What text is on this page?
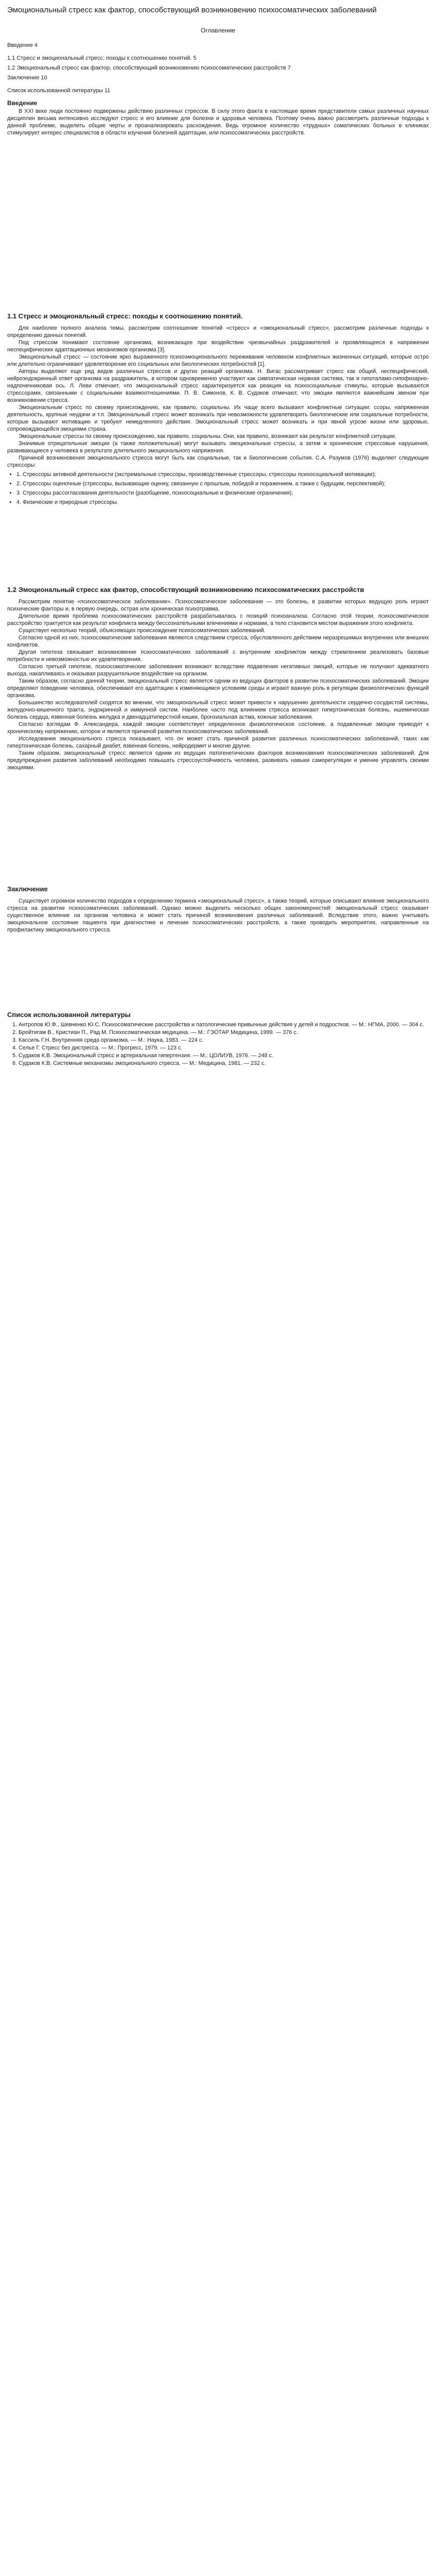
Эмоциональный стресс как фактор, способствующий возникновению психосоматических заболеваний
Оглавление
Введение 4
1.1 Стресс и эмоциональный стресс: походы к соотношению понятий. 5
1.2 Эмоциональный стресс как фактор, способствующий возникновению психосоматических расстройств 7
Заключение 10
Список использованной литературы 11
Введение

В XXI веке люди постоянно подвержены действию различных стрессов. В силу этого факта в настоящее время представители самых различных научных дисциплин весьма интенсивно исследуют стресс и его влияние для болезни и здоровья человека. Поэтому очень важно рассмотреть различные подходы к данной проблеме, выделить общие черты и проанализировать расхождения. Ведь огромное количество «трудных» соматических больных в клиниках стимулирует интерес специалистов в области изучения болезней адаптации, или психосоматических расстройств.

1.1 Стресс и эмоциональный стресс: походы к соотношению понятий.

Для наиболее полного анализа темы, рассмотрим соотношение понятий «стресс» и «эмоциональный стресс», рассмотрим различные подходы к определению данных понятий.

Под стрессом понимают состояние организма, возникающее при воздействии чрезвычайных раздражителей и проявляющееся в напряжении неспецифических адаптационных механизмов организма [3].

Эмоциональный стресс — состояние ярко выраженного психоэмоционального переживания человеком конфликтных жизненных ситуаций, которые остро или длительно ограничивают удовлетворение его социальных или биологических потребностей [1].

Авторы выделяют еще ряд видов различных стрессов и других реакций организма. Н. Вигас рассматривает стресс как общий, неспецифический, нейроэндокринный ответ организма на раздражитель, в котором одновременно участвуют как симпатическая нервная система, так и гипоталамо-гипофизарно-надпочечниковая ось. Л. Леви отмечает, что эмоциональный стресс характеризуется как реакция на психосоциальные стимулы, которые вызываются стрессорами, связанными с социальными взаимоотношениями. П. В. Симонов, К. В. Судаков отмечают, что эмоции являются важнейшим звеном при возникновении стресса.

Эмоциональным стресс по своему происхождению, как правило, социальны. Их чаще всего вызывают конфликтные ситуации: ссоры, напряженная деятельность, крупные неудачи и т.п. Эмоциональный стресс может возникать при невозможности удовлетворить биологические или социальные потребности, которые вызывают мотивацию и требуют немедленного действия. Эмоциональный стресс может возникать и при явной угрозе жизни или здоровью, сопровождающейся эмоциями страха.

Эмоциональные стрессы по своему происхождению, как правило, социальны. Они, как правило, возникают как результат конфликтной ситуации.

Значимые отрицательные эмоции (а также положительные) могут вызывать эмоциональные стрессы, а затем и хронические стрессовые нарушения, развивающиеся у человека в результате длительного эмоционального напряжения.

Причиной возникновения эмоционального стресса могут быть как социальные, так и биологические события. С.А. Разумов (1976) выделяет следующие стрессоры:

• 1. Стрессоры активной деятельности (экстремальные стрессоры, производственные стрессоры, стрессоры психосоциальной мотивации);
• 2. Стрессоры оценочные (стрессоры, вызывающие оценку, связанную с прошлым, победой и поражением, а также с будущим, перспективой);
• 3. Стрессоры рассогласования деятельности (разобщение, психосоциальные и физические ограничения);
• 4. Физические и природные стрессоры.
1.2 Эмоциональный стресс как фактор, способствующий возникновению психосоматических расстройств

Рассмотрим понятие «психосоматическое заболевание». Психосоматическое заболевание — это болезнь, в развитии которых ведущую роль играют психические факторы и, в первую очередь, острая или хроническая психотравма.

Длительное время проблема психосоматических расстройств разрабатывалась с позиций психоанализа. Согласно этой теории, психосоматическое расстройство трактуется как результат конфликта между бессознательными влечениями и нормами, а тело становится местом выражения этого конфликта.

Существует несколько теорий, объясняющих происхождение психосоматических заболеваний.

Согласно одной из них, психосоматические заболевания являются следствием стресса, обусловленного действием неразрешимых внутренних или внешних конфликтов.

Другая гипотеза связывает возникновение психосоматических заболеваний с внутренним конфликтом между стремлением реализовать базовые потребности и невозможностью их удовлетворения.

Согласно третьей гипотезе, психосоматические заболевания возникают вследствие подавления негативных эмоций, которые не получают адекватного выхода, накапливаясь и оказывая разрушительное воздействие на организм.

Таким образом, согласно данной теории, эмоциональный стресс является одним из ведущих факторов в развитии психосоматических заболеваний. Эмоции определяют поведение человека, обеспечивают его адаптацию к изменяющимся условиям среды и играют важную роль в регуляции физиологических функций организма.

Большинство исследователей сходятся во мнении, что эмоциональный стресс может привести к нарушению деятельности сердечно-сосудистой системы, желудочно-кишечного тракта, эндокринной и иммунной систем. Наиболее часто под влиянием стресса возникают гипертоническая болезнь, ишемическая болезнь сердца, язвенная болезнь желудка и двенадцатиперстной кишки, бронхиальная астма, кожные заболевания.

Согласно взглядам Ф. Александера, каждой эмоции соответствует определенное физиологическое состояние, а подавленные эмоции приводят к хроническому напряжению, которое и является причиной развития психосоматических заболеваний.

Исследования эмоционального стресса показывают, что он может стать причиной развития различных психосоматических заболеваний, таких как гипертоническая болезнь, сахарный диабет, язвенная болезнь, нейродермит и многие другие.

Таким образом, эмоциональный стресс является одним из ведущих патогенетических факторов возникновения психосоматических заболеваний. Для предупреждения развития заболеваний необходимо повышать стрессоустойчивость человека, развивать навыки саморегуляции и умение управлять своими эмоциями.

Заключение

Существует огромное количество подходов к определению термина «эмоциональный стресс», а также теорий, которые описывают влияние эмоционального стресса на развитие психосоматических заболеваний. Однако можно выделить несколько общих закономерностей: эмоциональный стресс оказывает существенное влияние на организм человека и может стать причиной возникновения различных заболеваний. Вследствие этого, важно учитывать эмоциональное состояние пациента при диагностике и лечении психосоматических расстройств, а также проводить мероприятия, направленные на профилактику эмоционального стресса.

Список использованной литературы
1. Антропов Ю.Ф., Шевченко Ю.С. Психосоматические расстройства и патологические привычные действия у детей и подростков. — М.: НГМА, 2000. — 304 с.
2. Бройтигам В., Кристиан П., Рад М. Психосоматическая медицина. — М.: ГЭОТАР Медицина, 1999. — 376 с.
3. Кассиль Г.Н. Внутренняя среда организма. — М.: Наука, 1983. — 224 с.
4. Селье Г. Стресс без дистресса. — М.: Прогресс, 1979. — 123 с.
5. Судаков К.В. Эмоциональный стресс и артериальная гипертензия. — М.: ЦОЛИУВ, 1976. — 248 с.
6. Судаков К.В. Системные механизмы эмоционального стресса. — М.: Медицина, 1981. — 232 с.
